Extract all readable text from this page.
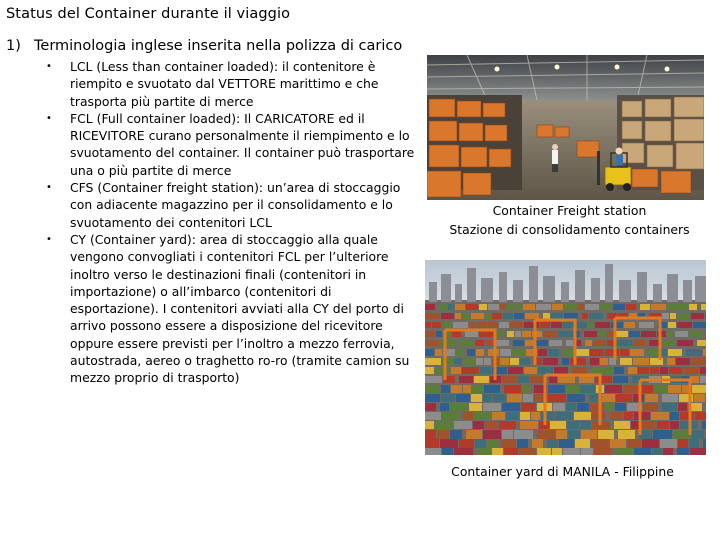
Status del Container durante il viaggio
1) Terminologia inglese inserita nella polizza di carico
• LCL (Less than container loaded): il contenitore è riempito e svuotato dal VETTORE marittimo e che trasporta più partite di merce
• FCL (Full container loaded): Il CARICATORE ed il RICEVITORE curano personalmente il riempimento e lo svuotamento del container. Il container può trasportare una o più partite di merce
• CFS (Container freight station): un’area di stoccaggio con adiacente magazzino per il consolidamento e lo svuotamento dei contenitori LCL
• CY (Container yard): area di stoccaggio alla quale vengono convogliati i contenitori FCL per l’ulteriore inoltro verso le destinazioni finali (contenitori in importazione) o all’imbarco (contenitori di esportazione). I contenitori avviati alla CY del porto di arrivo possono essere a disposizione del ricevitore oppure essere previsti per l’inoltro a mezzo ferrovia, autostrada, aereo o traghetto ro-ro (tramite camion su mezzo proprio di trasporto)
Container Freight station
Stazione di consolidamento containers
Container yard di MANILA - Filippine
